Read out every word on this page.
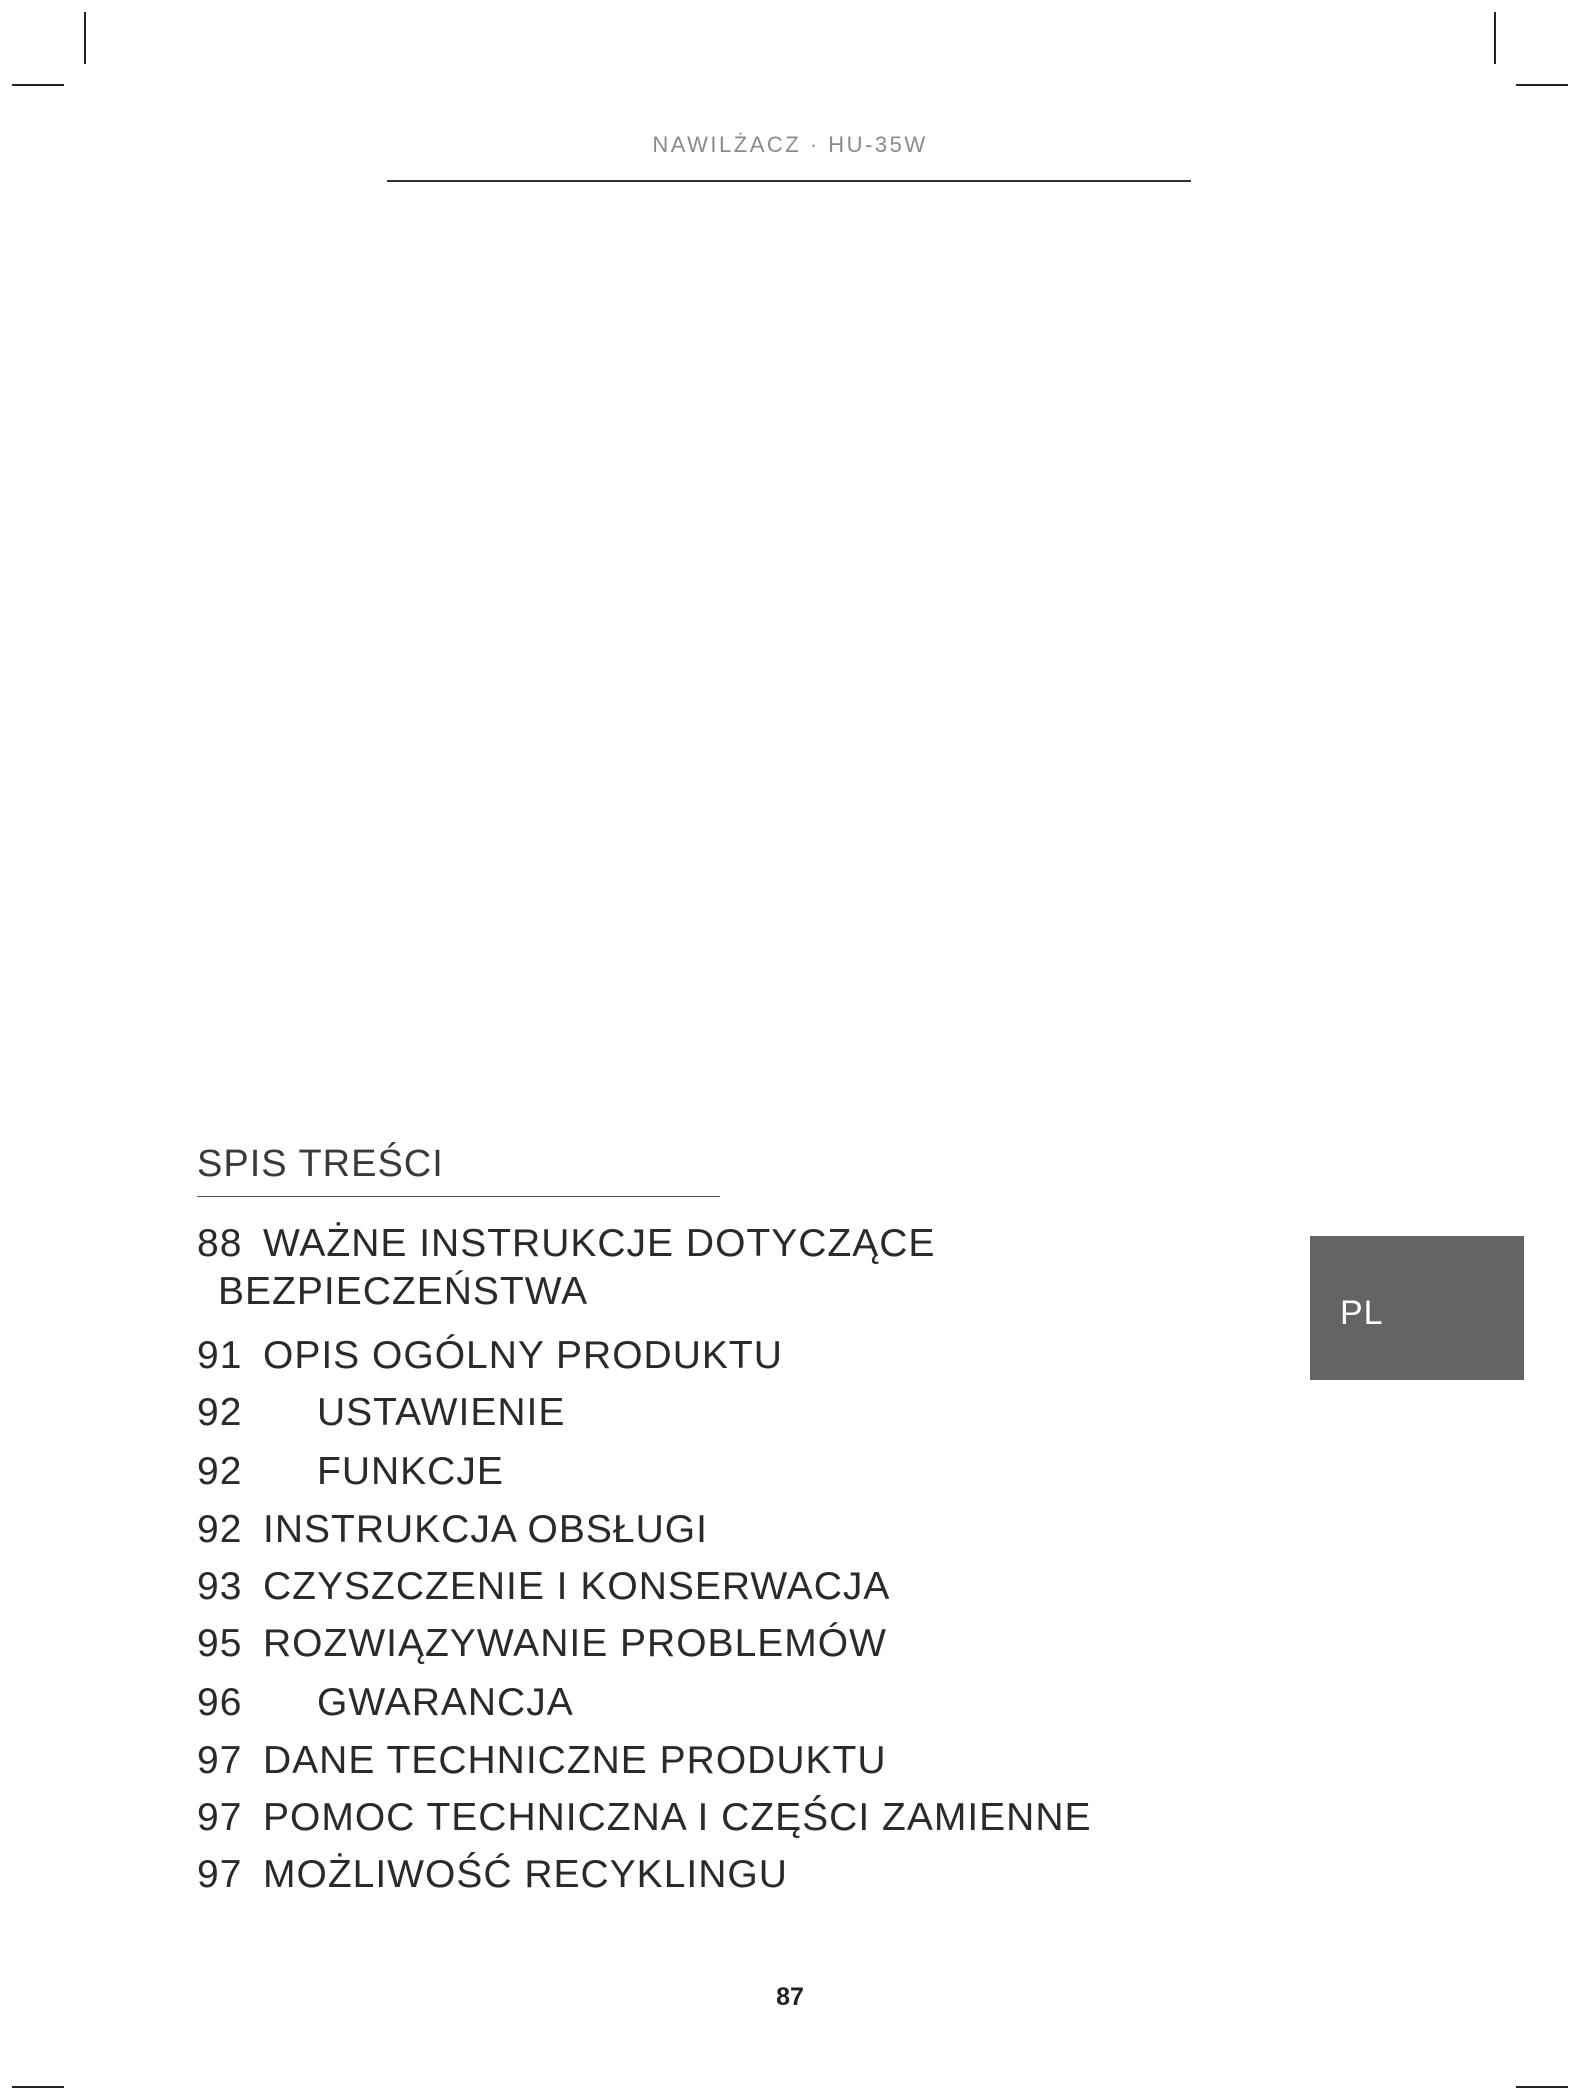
NAWILŻACZ · HU-35W
SPIS TREŚCI
88 WAŻNE INSTRUKCJE DOTYCZĄCE
BEZPIECZEŃSTWA
91 OPIS OGÓLNY PRODUKTU
92 USTAWIENIE
92 FUNKCJE
92 INSTRUKCJA OBSŁUGI
93 CZYSZCZENIE I KONSERWACJA
95 ROZWIĄZYWANIE PROBLEMÓW
96 GWARANCJA
97 DANE TECHNICZNE PRODUKTU
97 POMOC TECHNICZNA I CZĘŚCI ZAMIENNE
97 MOŻLIWOŚĆ RECYKLINGU
PL
87
